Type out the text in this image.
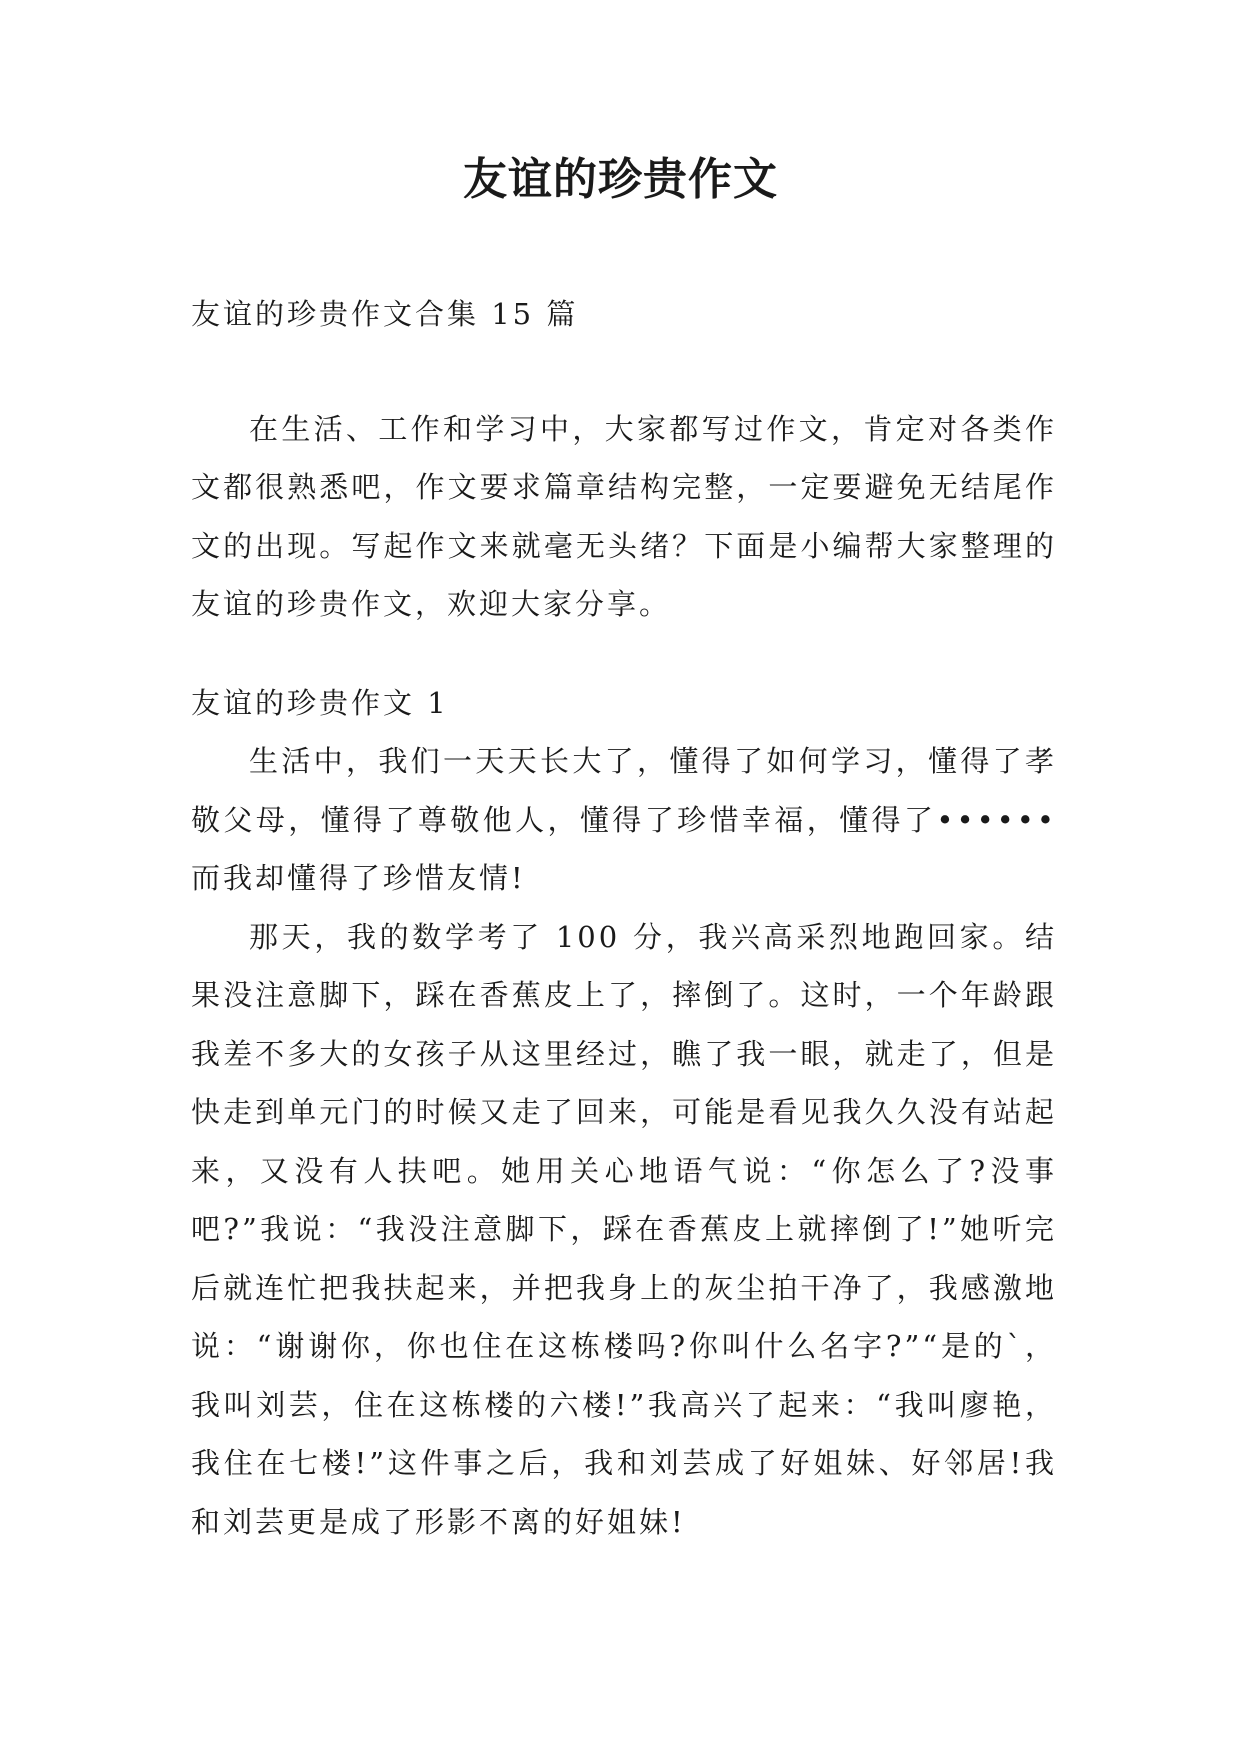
友谊的珍贵作文

友谊的珍贵作文合集 15 篇

在生活、工作和学习中，大家都写过作文，肯定对各类作文都很熟悉吧，作文要求篇章结构完整，一定要避免无结尾作文的出现。写起作文来就毫无头绪？下面是小编帮大家整理的友谊的珍贵作文，欢迎大家分享。

友谊的珍贵作文 1

生活中，我们一天天长大了，懂得了如何学习，懂得了孝敬父母，懂得了尊敬他人，懂得了珍惜幸福，懂得了••••••而我却懂得了珍惜友情!

那天，我的数学考了 100 分，我兴高采烈地跑回家。结果没注意脚下，踩在香蕉皮上了，摔倒了。这时，一个年龄跟我差不多大的女孩子从这里经过，瞧了我一眼，就走了，但是快走到单元门的时候又走了回来，可能是看见我久久没有站起来，又没有人扶吧。她用关心地语气说：“你怎么了?没事吧?”我说：“我没注意脚下，踩在香蕉皮上就摔倒了!”她听完后就连忙把我扶起来，并把我身上的灰尘拍干净了，我感激地说：“谢谢你，你也住在这栋楼吗?你叫什么名字?”“是的`，我叫刘芸，住在这栋楼的六楼!”我高兴了起来：“我叫廖艳，我住在七楼!”这件事之后，我和刘芸成了好姐妹、好邻居!我和刘芸更是成了形影不离的好姐妹!
